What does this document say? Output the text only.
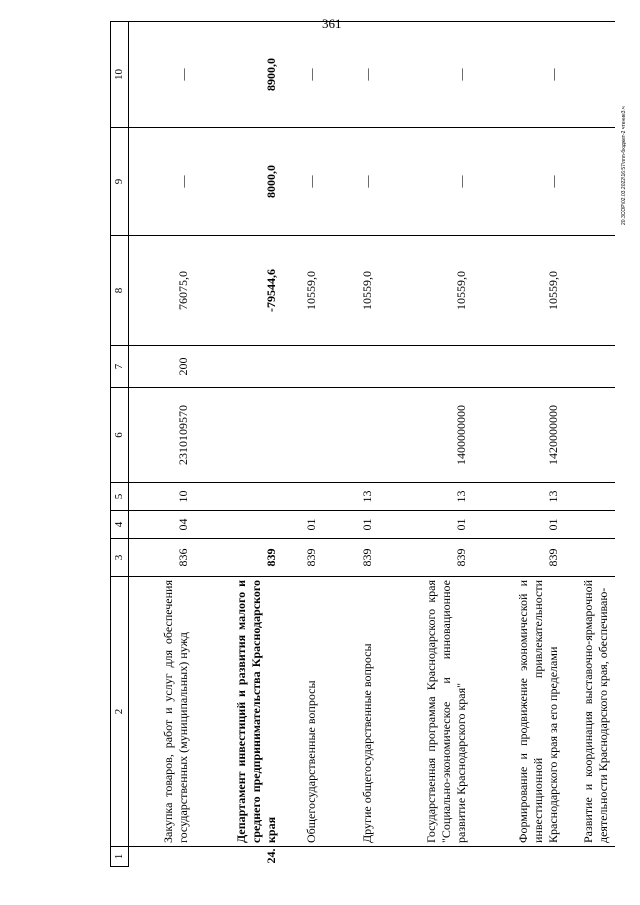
361
20.ЗСОР\02.03.2022\16:57\nnn-бюджет-2 чтение3.ч
1	2	3	4	5	6	7	8	9	10
	Закупка товаров, работ и услуг для обеспечения государственных (муниципальных) нужд	836	04	10	2310109570	200	76075,0	—	—
24.	Департамент инвестиций и развития малого и среднего предпринимательства Краснодарского края	839					-79544,6	8000,0	8900,0
	Общегосударственные вопросы	839	01				10559,0	—	—
	Другие общегосударственные вопросы	839	01	13			10559,0	—	—
	Государственная программа Краснодарского края "Социально-экономическое и инновационное развитие Краснодарского края"	839	01	13	1400000000		10559,0	—	—
	Формирование и продвижение экономической и инвестиционной привлекательности Краснодарского края за его пределами	839	01	13	1420000000		10559,0	—	—
	Развитие и координация выставочно-ярмарочной деятельности Краснодарского края, обеспечиваю-								
